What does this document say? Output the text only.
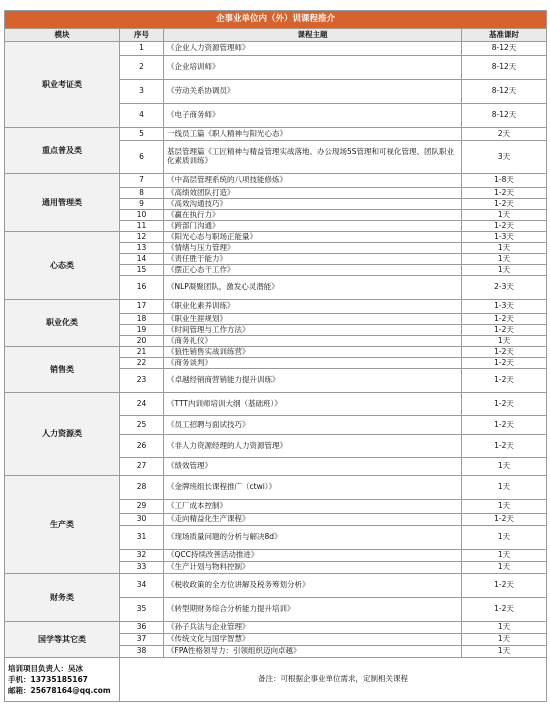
企事业单位内（外）训课程推介			
模块	序号	课程主题	基准课时
职业考证类	1	《企业人力资源管理师》	8-12天
	2	《企业培训师》	8-12天
	3	《劳动关系协调员》	8-12天
	4	《电子商务师》	8-12天
重点普及类	5	一线员工篇《职人精神与阳光心态》	2天
	6	基层管理篇《工匠精神与精益管理实战落地、办公现场5S管理和可视化管理、团队职业化素质训练》	3天
通用管理类	7	《中高层管理系统的八项技能修炼》	1-8天
	8	《高绩效团队打造》	1-2天
	9	《高效沟通技巧》	1-2天
	10	《赢在执行力》	1天
	11	《跨部门沟通》	1-2天
心态类	12	《阳光心态与职场正能量》	1-3天
	13	《情绪与压力管理》	1天
	14	《责任胜于能力》	1天
	15	《摆正心态干工作》	1天
	16	《NLP凝聚团队，激发心灵潜能》	2-3天
职业化类	17	《职业化素养训练》	1-3天
	18	《职业生涯规划》	1-2天
	19	《时间管理与工作方法》	1-2天
	20	《商务礼仪》	1天
销售类	21	《狼性销售实战训练营》	1-2天
	22	《商务谈判》	1-2天
	23	《卓越经销商营销能力提升训练》	1-2天
人力资源类	24	《TTT内训师培训大纲（基础班）》	1-2天
	25	《员工招聘与面试技巧》	1-2天
	26	《非人力资源经理的人力资源管理》	1-2天
	27	《绩效管理》	1天
生产类	28	《金牌班组长课程推广（ctwi）》	1天
	29	《工厂成本控制》	1天
	30	《走向精益化生产课程》	1-2天
	31	《现场质量问题的分析与解决8d》	1天
	32	《QCC持续改善活动推进》	1天
	33	《生产计划与物料控制》	1天
财务类	34	《税收政策的全方位讲解及税务筹划分析》	1-2天
	35	《转型期财务综合分析能力提升培训》	1-2天
国学等其它类	36	《孙子兵法与企业管理》	1天
	37	《传统文化与国学智慧》	1天
	38	《FPA性格领导力：引领组织迈向卓越》	1天

培训项目负责人：吴冰
手机：13735185167
邮箱：25678164@qq.com	备注：可根据企事业单位需求，定制相关课程		
